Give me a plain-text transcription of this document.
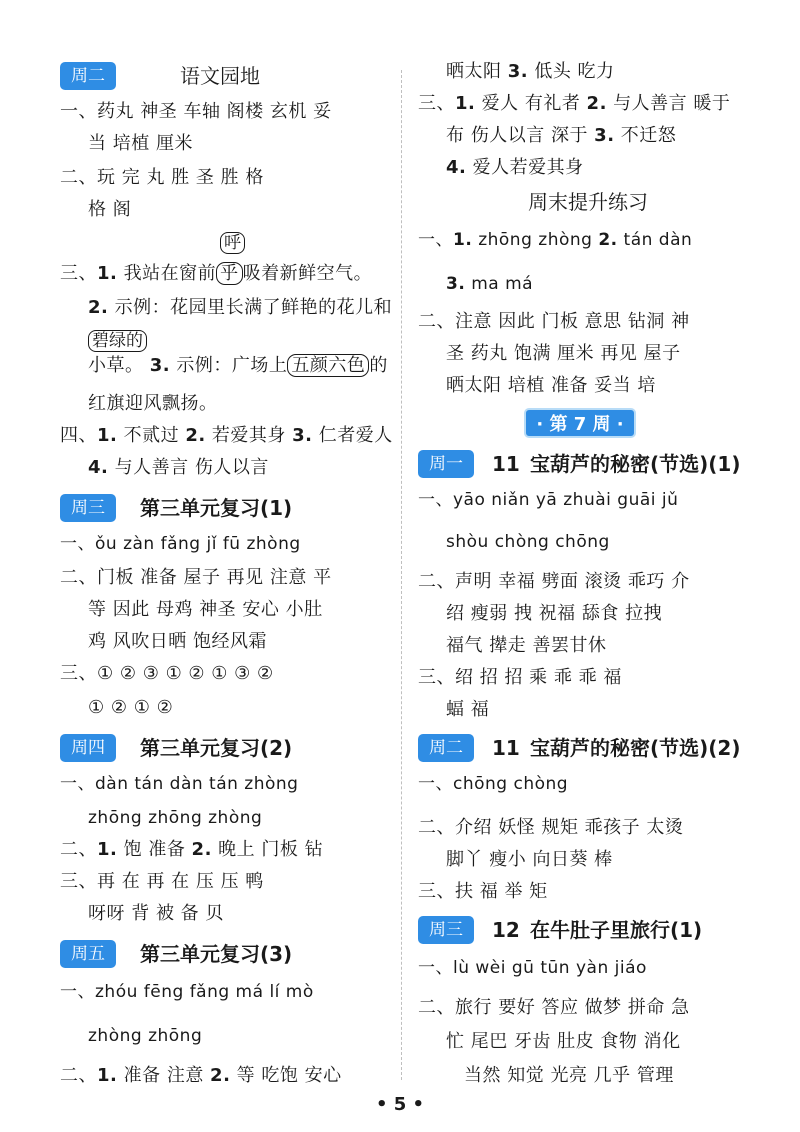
周二	语文园地
一、药丸 神圣 车轴 阁楼 玄机 妥
当 培植 厘米
二、玩 完 丸 胜 圣 胜 格
格 阁
呼
三、1. 我站在窗前 乎 吸着新鲜空气。
2. 示例：花园里长满了鲜艳的花儿和
碧绿的
小草。 3. 示例：广场上 五颜六色 的
红旗迎风飘扬。
四、1. 不贰过 2. 若爱其身 3. 仁者爱人
4. 与人善言 伤人以言
周三	第三单元复习(1)
一、ǒu zàn fǎng jǐ fū zhòng
二、门板 准备 屋子 再见 注意 平
等 因此 母鸡 神圣 安心 小肚
鸡 风吹日晒 饱经风霜
三、① ② ③ ① ② ① ③ ②
① ② ① ②
周四	第三单元复习(2)
一、dàn tán dàn tán zhòng
zhōng zhōng zhòng
二、1. 饱 准备 2. 晚上 门板 钻
三、再 在 再 在 压 压 鸭
呀呀 背 被 备 贝
周五	第三单元复习(3)
一、zhóu fēng fǎng má lí mò
zhòng zhōng
二、1. 准备 注意 2. 等 吃饱 安心
晒太阳 3. 低头 吃力
三、1. 爱人 有礼者 2. 与人善言 暖于
布 伤人以言 深于 3. 不迁怒
4. 爱人若爱其身
周末提升练习
一、1. zhōng zhòng 2. tán dàn
3. ma má
二、注意 因此 门板 意思 钻洞 神
圣 药丸 饱满 厘米 再见 屋子
晒太阳 培植 准备 妥当 培
· 第 7 周 ·
周一	11 宝葫芦的秘密(节选)(1)
一、yāo niǎn yā zhuài guāi jǔ
shòu chòng chōng
二、声明 幸福 劈面 滚烫 乖巧 介
绍 瘦弱 拽 祝福 舔食 拉拽
福气 撵走 善罢甘休
三、绍 招 招 乘 乖 乖 福
蝠 福
周二	11 宝葫芦的秘密(节选)(2)
一、chōng chòng
二、介绍 妖怪 规矩 乖孩子 太烫
脚丫 瘦小 向日葵 棒
三、扶 福 举 矩
周三	12 在牛肚子里旅行(1)
一、lù wèi gū tūn yàn jiáo
二、旅行 要好 答应 做梦 拼命 急
忙 尾巴 牙齿 肚皮 食物 消化
当然 知觉 光亮 几乎 管理
• 5 •
